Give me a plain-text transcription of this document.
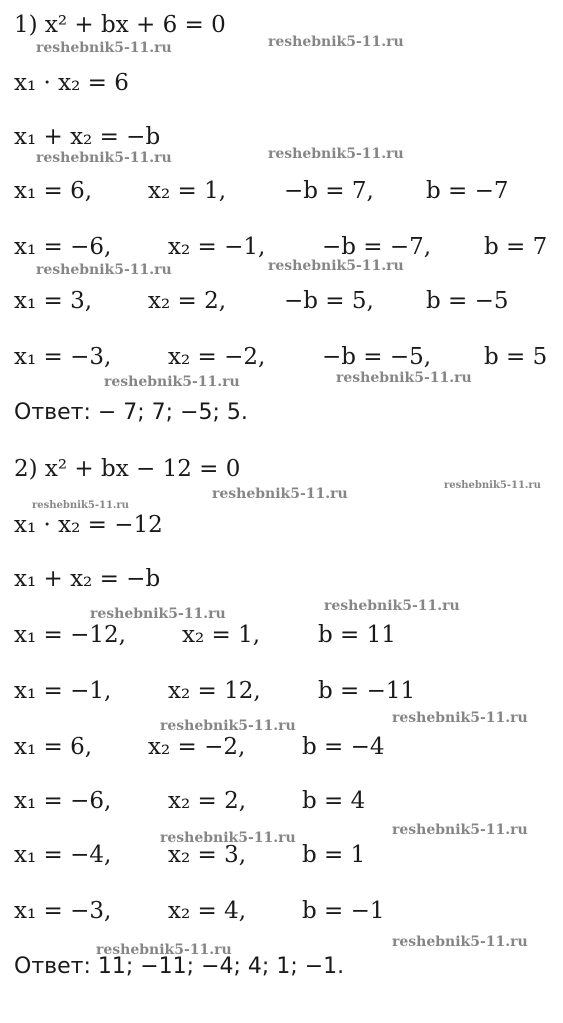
1) x² + bx + 6 = 0
x₁ · x₂ = 6
x₁ + x₂ = −b
x₁ = 6, x₂ = 1,	−b = 7, b = −7
x₁ = −6, x₂ = −1, −b = −7, b = 7
x₁ = 3, x₂ = 2,	−b = 5, b = −5
x₁ = −3, x₂ = −2, −b = −5, b = 5
Ответ: − 7; 7; −5; 5.
2) x² + bx − 12 = 0
x₁ · x₂ = −12
x₁ + x₂ = −b
x₁ = −12, x₂ = 1,	b = 11
x₁ = −1, x₂ = 12, b = −11
x₁ = 6, x₂ = −2, b = −4
x₁ = −6, x₂ = 2, b = 4
x₁ = −4, x₂ = 3, b = 1
x₁ = −3, x₂ = 4, b = −1
Ответ: 11; −11; −4; 4; 1; −1.
reshebnik5-11.ru	reshebnik5-11.ru
reshebnik5-11.ru	reshebnik5-11.ru
reshebnik5-11.ru	reshebnik5-11.ru
reshebnik5-11.ru	reshebnik5-11.ru
reshebnik5-11.ru
reshebnik5-11.ru
reshebnik5-11.ru
reshebnik5-11.ru	reshebnik5-11.ru
reshebnik5-11.ru	reshebnik5-11.ru
reshebnik5-11.ru	reshebnik5-11.ru
reshebnik5-11.ru	reshebnik5-11.ru
